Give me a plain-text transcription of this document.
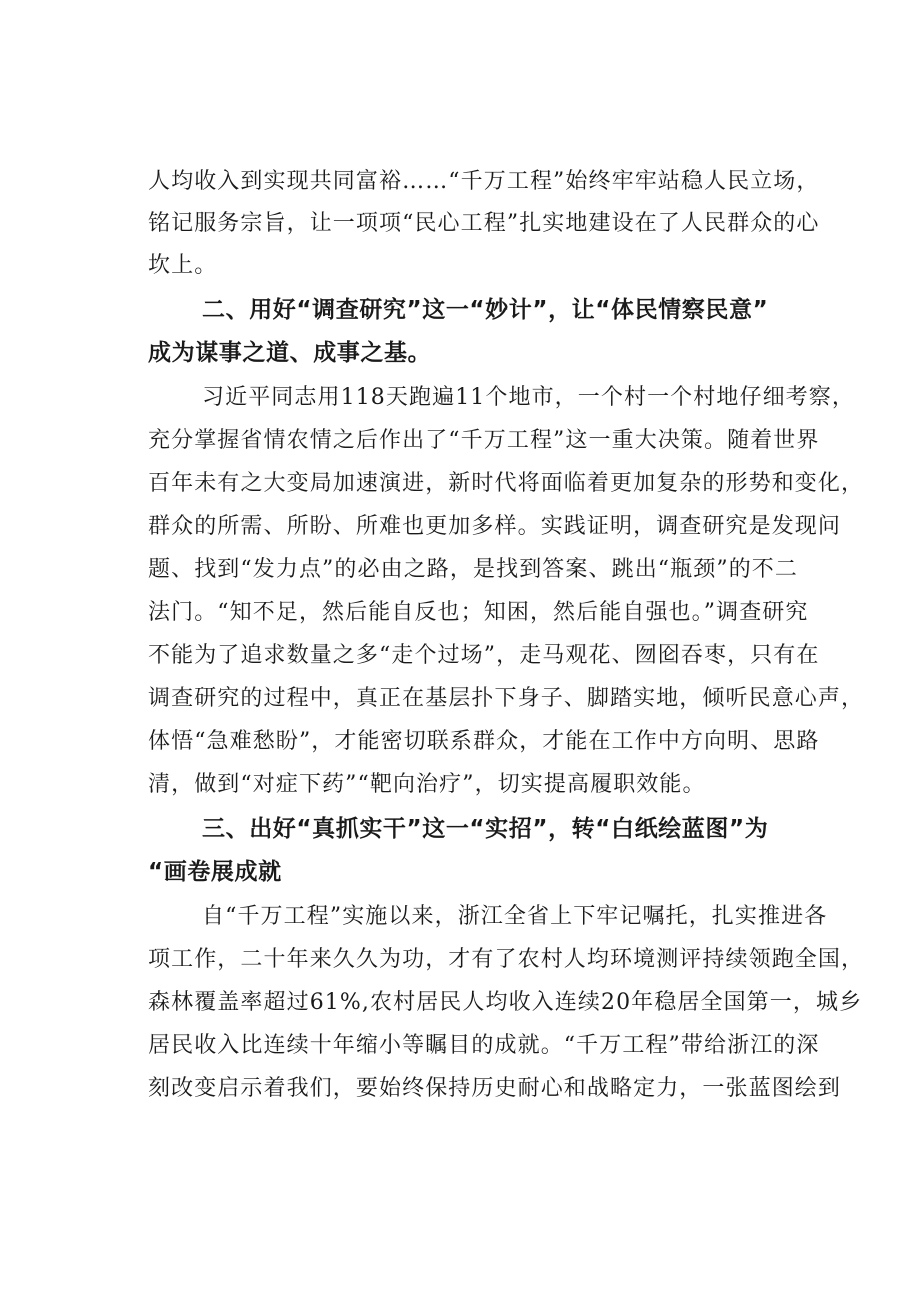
人均收入到实现共同富裕……“千万工程”始终牢牢站稳人民立场，
铭记服务宗旨，让一项项“民心工程”扎实地建设在了人民群众的心
坎上。
二、用好“调查研究”这一“妙计”，让“体民情察民意”
成为谋事之道、成事之基。
习近平同志用118天跑遍11个地市，一个村一个村地仔细考察，
充分掌握省情农情之后作出了“千万工程”这一重大决策。随着世界
百年未有之大变局加速演进，新时代将面临着更加复杂的形势和变化，
群众的所需、所盼、所难也更加多样。实践证明，调查研究是发现问
题、找到“发力点”的必由之路，是找到答案、跳出“瓶颈”的不二
法门。“知不足，然后能自反也；知困，然后能自强也。”调查研究
不能为了追求数量之多“走个过场”，走马观花、囫囵吞枣，只有在
调查研究的过程中，真正在基层扑下身子、脚踏实地，倾听民意心声，
体悟“急难愁盼”，才能密切联系群众，才能在工作中方向明、思路
清，做到“对症下药”“靶向治疗”，切实提高履职效能。
三、出好“真抓实干”这一“实招”，转“白纸绘蓝图”为
“画卷展成就
自“千万工程”实施以来，浙江全省上下牢记嘱托，扎实推进各
项工作，二十年来久久为功，才有了农村人均环境测评持续领跑全国，
森林覆盖率超过61%,农村居民人均收入连续20年稳居全国第一，城乡
居民收入比连续十年缩小等瞩目的成就。“千万工程”带给浙江的深
刻改变启示着我们，要始终保持历史耐心和战略定力，一张蓝图绘到
